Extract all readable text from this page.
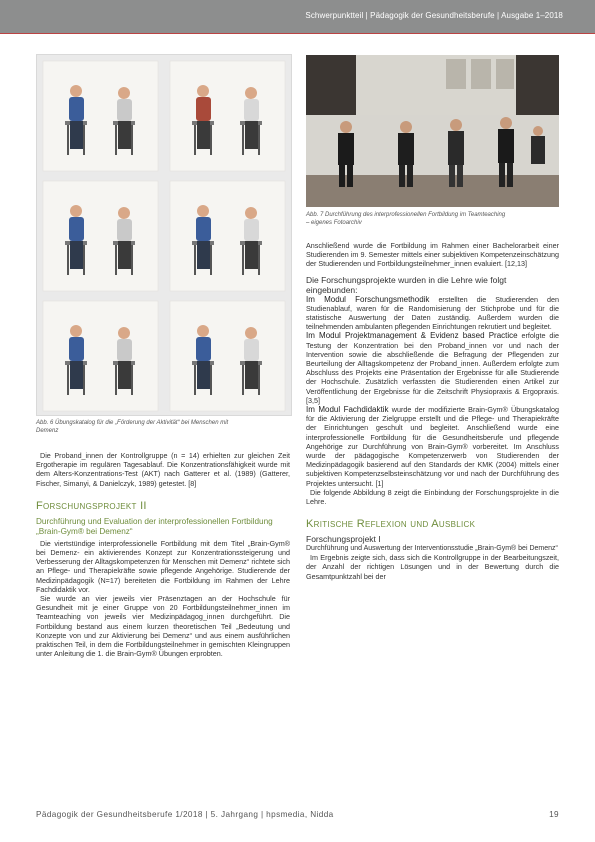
Schwerpunktteil | Pädagogik der Gesundheitsberufe | Ausgabe 1–2018
Abb. 6 Übungskatalog für die „Förderung der Aktivität“ bei Menschen mit Demenz
Abb. 7 Durchführung des interprofessionellen Fortbildung im Teamteaching – eigenes Fotoarchiv
Die Proband_innen der Kontrollgruppe (n = 14) erhielten zur gleichen Zeit Ergotherapie im regulären Tagesablauf. Die Konzentrationsfähigkeit wurde mit dem Alters-Konzentrations-Test (AKT) nach Gatterer et al. (1989) (Gatterer, Fischer, Simanyi, & Danielczyk, 1989) getestet. [8]
Forschungsprojekt II
Durchführung und Evaluation der interprofessionellen Fortbildung „Brain-Gym® bei Demenz“
Die viertstündige interprofessionelle Fortbildung mit dem Titel „Brain-Gym® bei Demenz- ein aktivierendes Konzept zur Konzentrationssteigerung und Verbesserung der Alltagskompetenzen für Menschen mit Demenz“ richtete sich an Pflege- und Therapiekräfte sowie pflegende Angehörige. Studierende der Medizinpädagogik (N=17) bereiteten die Fortbildung im Rahmen der Lehre Fachdidaktik vor.
Sie wurde an vier jeweils vier Präsenztagen an der Hochschule für Gesundheit mit je einer Gruppe von 20 Fortbildungsteilnehmer_innen im Teamteaching von jeweils vier Medizinpädagog_innen durchgeführt. Die Fortbildung bestand aus einem kurzen theoretischen Teil „Bedeutung und Konzepte von und zur Aktivierung bei Demenz“ und aus einem ausführlichen praktischen Teil, in dem die Fortbildungsteilnehmer in gemischten Kleingruppen unter Anleitung die 1. die Brain-Gym® Übungen erprobten.
Anschließend wurde die Fortbildung im Rahmen einer Bachelorarbeit einer Studierenden im 9. Semester mittels einer subjektiven Kompetenzeinschätzung der Studierenden und Fortbildungsteilnehmer_innen evaluiert. [12,13]
Die Forschungsprojekte wurden in die Lehre wie folgt eingebunden:
Im Modul Forschungsmethodik erstellten die Studierenden den Studienablauf, waren für die Randomisierung der Stichprobe und für die statistische Auswertung der Daten zuständig. Außerdem wurden die teilnehmenden ambulanten pflegenden Einrichtungen rekrutiert und begleitet.
Im Modul Projektmanagement & Evidenz based Practice erfolgte die Testung der Konzentration bei den Proband_innen vor und nach der Intervention sowie die abschließende die Befragung der Pflegenden zur Beurteilung der Alltagskompetenz der Proband_innen. Außerdem erfolgte zum Abschluss des Projekts eine Präsentation der Ergebnisse für alle Studierende der Hochschule. Zusätzlich verfassten die Studierenden einen Artikel zur Veröffentlichung der Ergebnisse für die Zeitschrift Physiopraxis & Ergopraxis. [3,5]
Im Modul Fachdidaktik wurde der modifizierte Brain-Gym® Übungskatalog für die Aktivierung der Zielgruppe erstellt und die Pflege- und Therapiekräfte der Einrichtungen geschult und begleitet. Anschließend wurde eine interprofessionelle Fortbildung für die Gesundheitsberufe und pflegende Angehörige zur Durchführung von Brain-Gym® vorbereitet. Im Anschluss wurde der pädagogische Kompetenzerwerb von Studierenden der Medizinpädagogik basierend auf den Standards der KMK (2004) mittels einer subjektiven Kompetenzselbsteinschätzung vor und nach der Durchführung des Projektes untersucht. [1]
Die folgende Abbildung 8 zeigt die Einbindung der Forschungsprojekte in die Lehre.
Kritische Reflexion und Ausblick
Forschungsprojekt I
Durchführung und Auswertung der Interventionsstudie „Brain-Gym® bei Demenz“
Im Ergebnis zeigte sich, dass sich die Kontrollgruppe in der Bearbeitungszeit, der Anzahl der richtigen Lösungen und in der Bewertung durch die Gesamtpunktzahl bei der
Pädagogik der Gesundheitsberufe 1/2018 | 5. Jahrgang | hpsmedia, Nidda	19
